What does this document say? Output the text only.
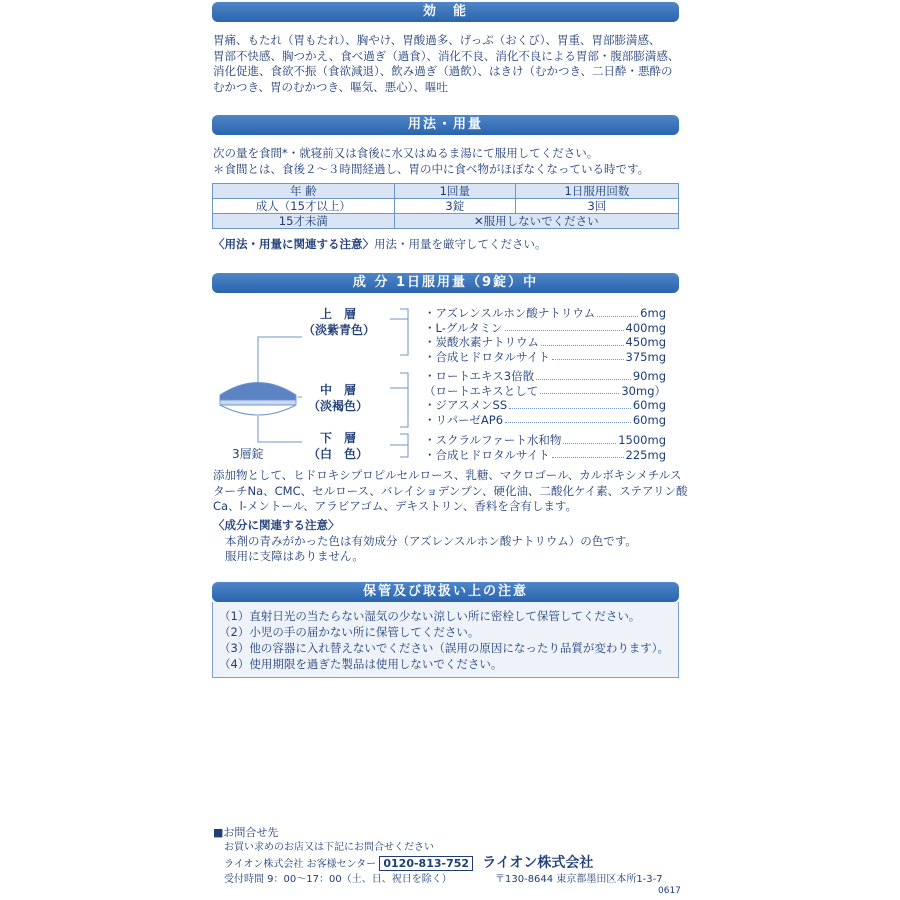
効　能
胃痛、もたれ（胃もたれ）、胸やけ、胃酸過多、げっぷ（おくび）、胃重、胃部膨満感、
胃部不快感、胸つかえ、食べ過ぎ（過食）、消化不良、消化不良による胃部・腹部膨満感、
消化促進、食欲不振（食欲減退）、飲み過ぎ（過飲）、はきけ（むかつき、二日酔・悪酔の
むかつき、胃のむかつき、嘔気、悪心）、嘔吐
用法・用量
次の量を食間*・就寝前又は食後に水又はぬるま湯にて服用してください。
＊食間とは、食後２～３時間経過し、胃の中に食べ物がほぼなくなっている時です。
年 齢	1回量	1日服用回数
成人（15才以上）	3錠	3回
15才未満	✕服用しないでください	
〈用法・用量に関連する注意〉用法・用量を厳守してください。
成 分 1日服用量（9錠）中
3層錠
上　層
（淡紫青色）
中　層
（淡褐色）
下　層
（白　色）
・アズレンスルホン酸ナトリウム	6mg
・L-グルタミン	400mg
・炭酸水素ナトリウム	450mg
・合成ヒドロタルサイト	375mg
・ロートエキス3倍散	90mg
（ロートエキスとして	30mg）
・ジアスメンSS	60mg
・リパーゼAP6	60mg
・スクラルファート水和物	1500mg
・合成ヒドロタルサイト	225mg
添加物として、ヒドロキシプロピルセルロース、乳糖、マクロゴール、カルボキシメチルス
ターチNa、CMC、セルロース、バレイショデンプン、硬化油、二酸化ケイ素、ステアリン酸
Ca、l-メントール、アラビアゴム、デキストリン、香料を含有します。
〈成分に関連する注意〉
本剤の青みがかった色は有効成分（アズレンスルホン酸ナトリウム）の色です。
服用に支障はありません。
保管及び取扱い上の注意
（1）直射日光の当たらない湿気の少ない涼しい所に密栓して保管してください。
（2）小児の手の届かない所に保管してください。
（3）他の容器に入れ替えないでください（誤用の原因になったり品質が変わります）。
（4）使用期限を過ぎた製品は使用しないでください。
■お問合せ先
お買い求めのお店又は下記にお問合せください
ライオン株式会社 お客様センター 0120-813-752 ライオン株式会社
受付時間 9：00～17：00（土、日、祝日を除く）	〒130-8644 東京都墨田区本所1-3-7
0617
